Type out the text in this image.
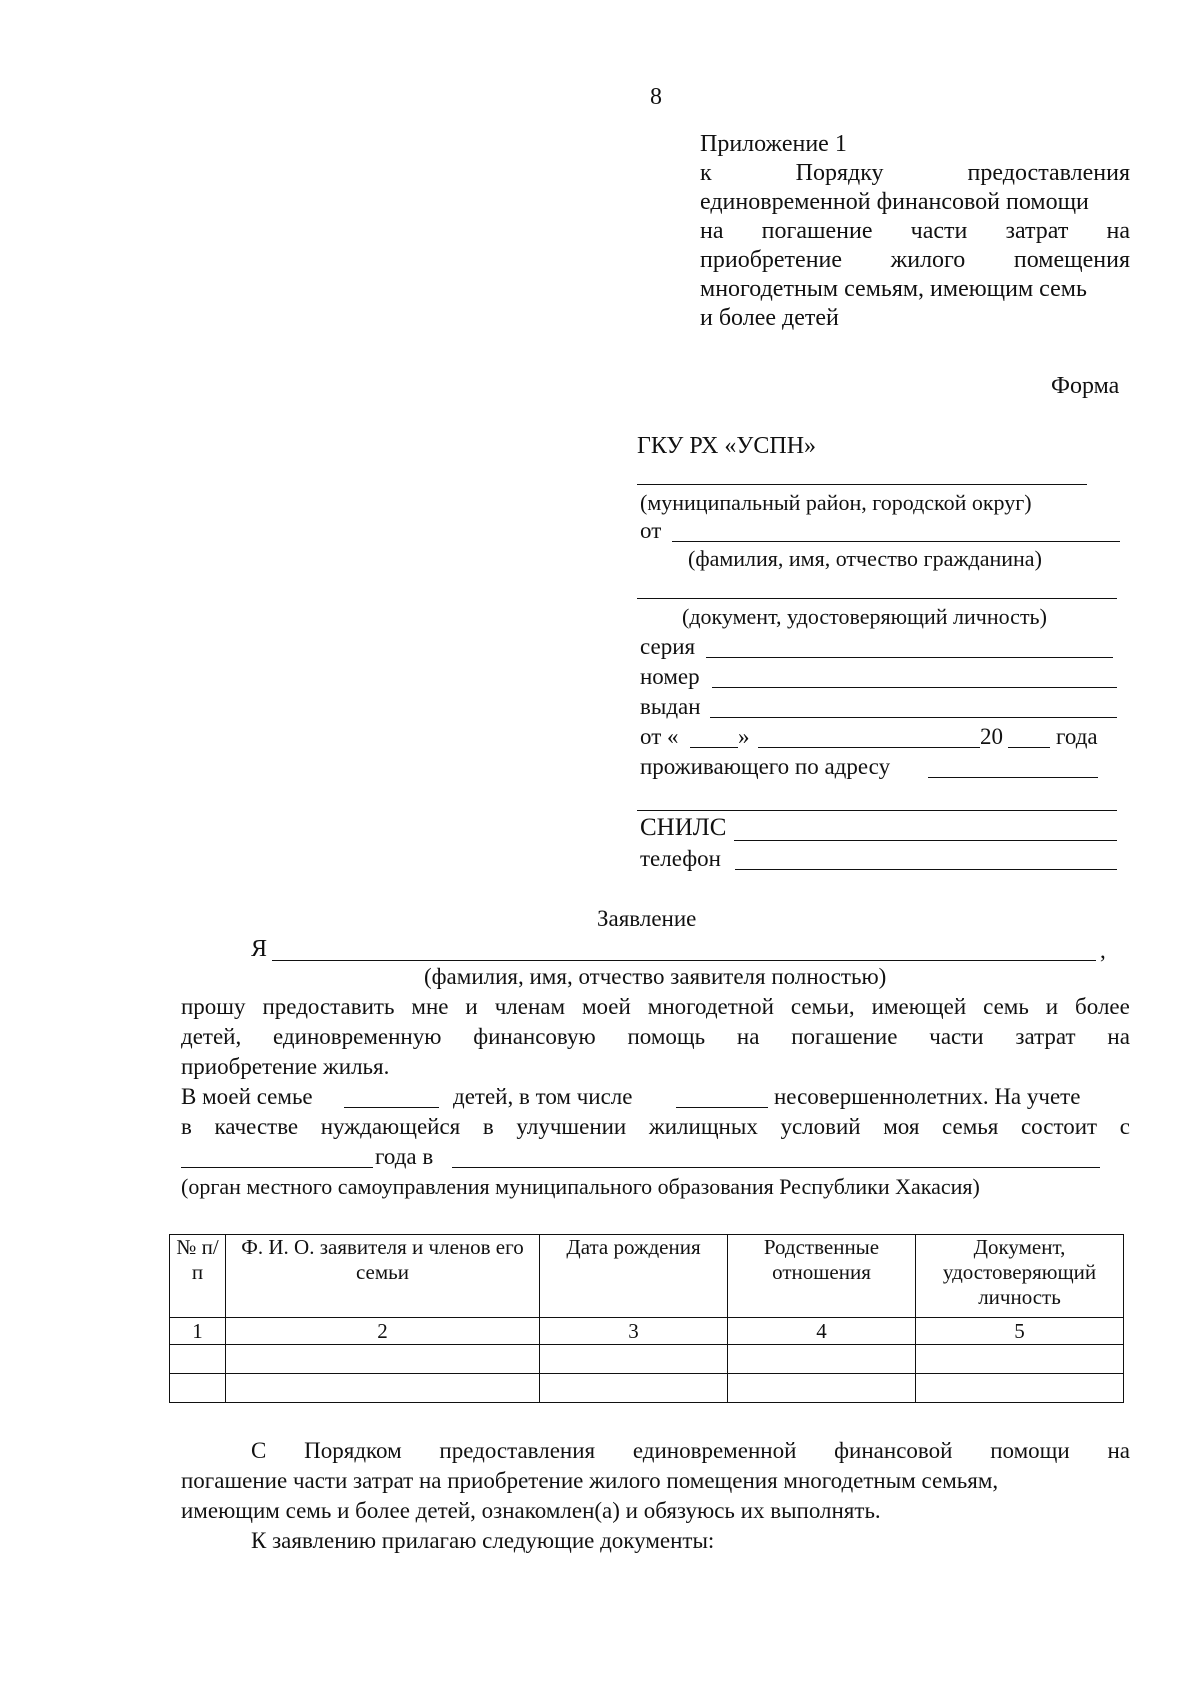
8
Приложение 1
к	Порядку	предоставления
единовременной финансовой помощи
на погашение части затрат на
приобретение жилого помещения
многодетным семьям, имеющим семь
и более детей
Форма
ГКУ РХ «УСПН»
(муниципальный район, городской округ)
от
(фамилия, имя, отчество гражданина)
(документ, удостоверяющий личность)
серия
номер
выдан
от «	»	20 года
проживающего по адресу
СНИЛС
телефон
Заявление
Я	,
(фамилия, имя, отчество заявителя полностью)
прошу предоставить мне и членам моей многодетной семьи, имеющей семь и более
детей, единовременную финансовую помощь на погашение части затрат на
приобретение жилья.
В моей семье	детей, в том числе	несовершеннолетних. На учете
в качестве нуждающейся в улучшении жилищных условий моя семья состоит с
года в
(орган местного самоуправления муниципального образования Республики Хакасия)
№ п/п	Ф. И. О. заявителя и членов его семьи	Дата рождения	Родственные отношения	Документ, удостоверяющий личность
1	2	3	4	5

С Порядком предоставления единовременной финансовой помощи на
погашение части затрат на приобретение жилого помещения многодетным семьям,
имеющим семь и более детей, ознакомлен(а) и обязуюсь их выполнять.
К заявлению прилагаю следующие документы:
